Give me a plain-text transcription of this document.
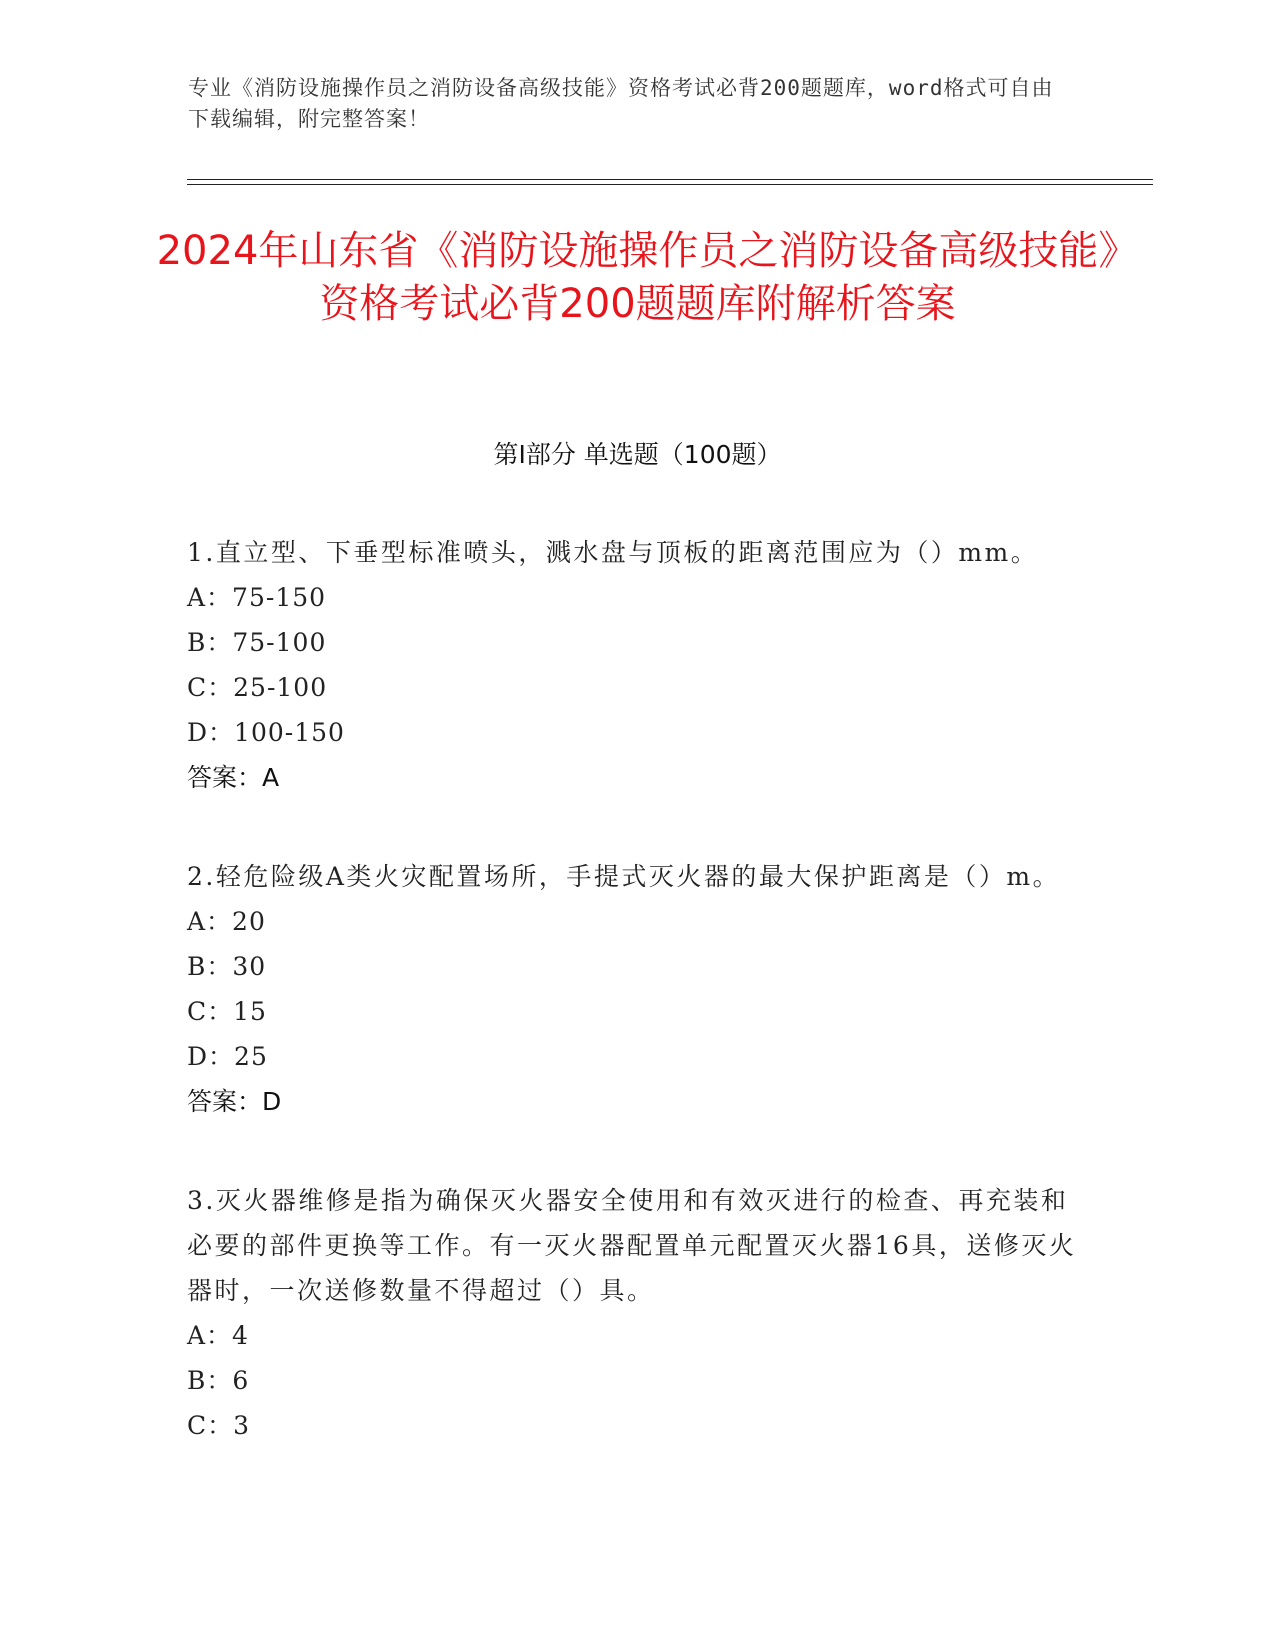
专业《消防设施操作员之消防设备高级技能》资格考试必背200题题库，word格式可自由下载编辑，附完整答案！
2024年山东省《消防设施操作员之消防设备高级技能》资格考试必背200题题库附解析答案
第Ⅰ部分 单选题（100题）
1.直立型、下垂型标准喷头，溅水盘与顶板的距离范围应为（）mm。
A：75-150
B：75-100
C：25-100
D：100-150
答案：A
2.轻危险级A类火灾配置场所，手提式灭火器的最大保护距离是（）m。
A：20
B：30
C：15
D：25
答案：D
3.灭火器维修是指为确保灭火器安全使用和有效灭进行的检查、再充装和必要的部件更换等工作。有一灭火器配置单元配置灭火器16具，送修灭火器时，一次送修数量不得超过（）具。
A：4
B：6
C：3
